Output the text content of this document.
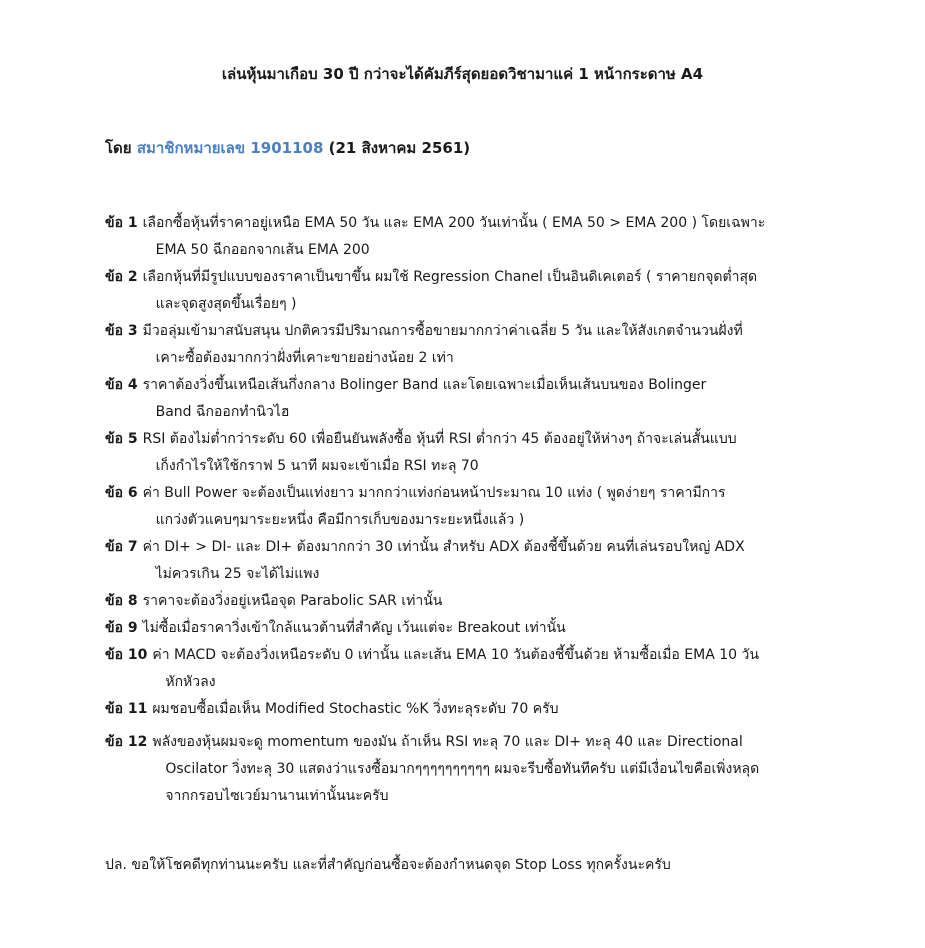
เล่นหุ้นมาเกือบ 30 ปี กว่าจะได้คัมภีร์สุดยอดวิชามาแค่ 1 หน้ากระดาษ A4
โดย สมาชิกหมายเลข 1901108 (21 สิงหาคม 2561)
ข้อ 1 เลือกซื้อหุ้นที่ราคาอยู่เหนือ EMA 50 วัน และ EMA 200 วันเท่านั้น ( EMA 50 > EMA 200 ) โดยเฉพาะ
EMA 50 ฉีกออกจากเส้น EMA 200
ข้อ 2 เลือกหุ้นที่มีรูปแบบของราคาเป็นขาขึ้น ผมใช้ Regression Chanel เป็นอินดิเคเตอร์ ( ราคายกจุดต่ำสุด
และจุดสูงสุดขึ้นเรื่อยๆ )
ข้อ 3 มีวอลุ่มเข้ามาสนับสนุน ปกติควรมีปริมาณการซื้อขายมากกว่าค่าเฉลี่ย 5 วัน และให้สังเกตจำนวนฝั่งที่
เคาะซื้อต้องมากกว่าฝั่งที่เคาะขายอย่างน้อย 2 เท่า
ข้อ 4 ราคาต้องวิ่งขึ้นเหนือเส้นกึ่งกลาง Bolinger Band และโดยเฉพาะเมื่อเห็นเส้นบนของ Bolinger
Band ฉีกออกทำนิวไฮ
ข้อ 5 RSI ต้องไม่ต่ำกว่าระดับ 60 เพื่อยืนยันพลังซื้อ หุ้นที่ RSI ต่ำกว่า 45 ต้องอยู่ให้ห่างๆ ถ้าจะเล่นสั้นแบบ
เก็งกำไรให้ใช้กราฟ 5 นาที ผมจะเข้าเมื่อ RSI ทะลุ 70
ข้อ 6 ค่า Bull Power จะต้องเป็นแท่งยาว มากกว่าแท่งก่อนหน้าประมาณ 10 แท่ง ( พูดง่ายๆ ราคามีการ
แกว่งตัวแคบๆมาระยะหนึ่ง คือมีการเก็บของมาระยะหนึ่งแล้ว )
ข้อ 7 ค่า DI+ > DI- และ DI+ ต้องมากกว่า 30 เท่านั้น สำหรับ ADX ต้องชี้ขึ้นด้วย คนที่เล่นรอบใหญ่ ADX
ไม่ควรเกิน 25 จะได้ไม่แพง
ข้อ 8 ราคาจะต้องวิ่งอยู่เหนือจุด Parabolic SAR เท่านั้น
ข้อ 9 ไม่ซื้อเมื่อราคาวิ่งเข้าใกล้แนวต้านที่สำคัญ เว้นแต่จะ Breakout เท่านั้น
ข้อ 10 ค่า MACD จะต้องวิ่งเหนือระดับ 0 เท่านั้น และเส้น EMA 10 วันต้องชี้ขึ้นด้วย ห้ามซื้อเมื่อ EMA 10 วัน
หักหัวลง
ข้อ 11 ผมชอบซื้อเมื่อเห็น Modified Stochastic %K วิ่งทะลุระดับ 70 ครับ
ข้อ 12 พลังของหุ้นผมจะดู momentum ของมัน ถ้าเห็น RSI ทะลุ 70 และ DI+ ทะลุ 40 และ Directional
Oscilator วิ่งทะลุ 30 แสดงว่าแรงซื้อมากๆๆๆๆๆๆๆๆๆๆ ผมจะรีบซื้อทันทีครับ แต่มีเงื่อนไขคือเพิ่งหลุด
จากกรอบไซเวย์มานานเท่านั้นนะครับ
ปล. ขอให้โชคดีทุกท่านนะครับ และที่สำคัญก่อนซื้อจะต้องกำหนดจุด Stop Loss ทุกครั้งนะครับ
